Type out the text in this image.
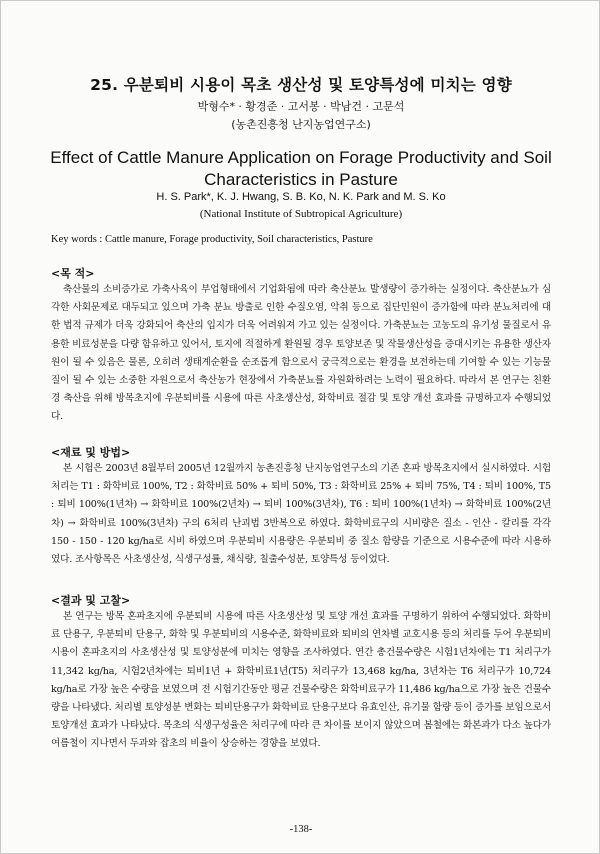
25. 우분퇴비 시용이 목초 생산성 및 토양특성에 미치는 영향
박형수* · 황경준 · 고서봉 · 박남건 · 고문석
(농촌진흥청 난지농업연구소)
Effect of Cattle Manure Application on Forage Productivity and Soil Characteristics in Pasture
H. S. Park*, K. J. Hwang, S. B. Ko, N. K. Park and M. S. Ko
(National Institute of Subtropical Agriculture)
Key words : Cattle manure, Forage productivity, Soil characteristics, Pasture
<목 적>

축산물의 소비증가로 가축사육이 부업형태에서 기업화됨에 따라 축산분뇨 발생량이 증가하는 실정이다. 축산분뇨가 심각한 사회문제로 대두되고 있으며 가축 분뇨 방출로 인한 수질오염, 악취 등으로 집단민원이 증가함에 따라 분뇨처리에 대한 법적 규제가 더욱 강화되어 축산의 입지가 더욱 어려워져 가고 있는 실정이다. 가축분뇨는 고농도의 유기성 물질로서 유용한 비료성분을 다량 함유하고 있어서, 토지에 적절하게 환원될 경우 토양보존 및 작물생산성을 증대시키는 유용한 생산자원이 될 수 있음은 물론, 오히려 생태계순환을 순조롭게 함으로서 궁극적으로는 환경을 보전하는데 기여할 수 있는 기능물질이 될 수 있는 소중한 자원으로서 축산농가 현장에서 가축분뇨를 자원화하려는 노력이 필요하다. 따라서 본 연구는 친환경 축산을 위해 방목초지에 우분퇴비를 시용에 따른 사초생산성, 화학비료 절감 및 토양 개선 효과를 규명하고자 수행되었다.

<재료 및 방법>

본 시험은 2003년 8월부터 2005년 12월까지 농촌진흥청 난지농업연구소의 기존 혼파 방목초지에서 실시하였다. 시험처리는 T1 : 화학비료 100%, T2 : 화학비료 50% + 퇴비 50%, T3 : 화학비료 25% + 퇴비 75%, T4 : 퇴비 100%, T5 : 퇴비 100%(1년차) → 화학비료 100%(2년차) → 퇴비 100%(3년차), T6 : 퇴비 100%(1년차) → 화학비료 100%(2년차) → 화학비료 100%(3년차) 구의 6처리 난괴법 3반복으로 하였다. 화학비료구의 시비량은 질소 - 인산 - 칼리를 각각 150 - 150 - 120 kg/ha로 시비 하였으며 우분퇴비 시용량은 우분퇴비 중 질소 함량을 기준으로 시용수준에 따라 시용하였다. 조사항목은 사초생산성, 식생구성률, 채식량, 칠출수성분, 토양특성 등이었다.

<결과 및 고찰>

본 연구는 방목 혼파초지에 우분퇴비 시용에 따른 사초생산성 및 토양 개선 효과를 구명하기 위하여 수행되었다. 화학비료 단용구, 우분퇴비 단용구, 화학 및 우분퇴비의 시용수준, 화학비료와 퇴비의 연차별 교호시용 등의 처리를 두어 우분퇴비 시용이 혼파초지의 사초생산성 및 토양성분에 미치는 영향을 조사하였다. 연간 총건물수량은 시험1년차에는 T1 처리구가 11,342 kg/ha, 시험2년차에는 퇴비1년 + 화학비료1년(T5) 처리구가 13,468 kg/ha, 3년차는 T6 처리구가 10,724 kg/ha로 가장 높은 수량을 보였으며 전 시험기간동안 평균 건물수량은 화학비료구가 11,486 kg/ha으로 가장 높은 건물수량을 나타냈다. 처리별 토양성분 변화는 퇴비단용구가 화학비료 단용구보다 유효인산, 유기물 함량 등이 증가를 보임으로서 토양개선 효과가 나타났다. 목초의 식생구성율은 처리구에 따라 큰 차이를 보이지 않았으며 봄철에는 화본과가 다소 높다가 여름철이 지나면서 두과와 잡초의 비율이 상승하는 경향을 보였다.

-138-
